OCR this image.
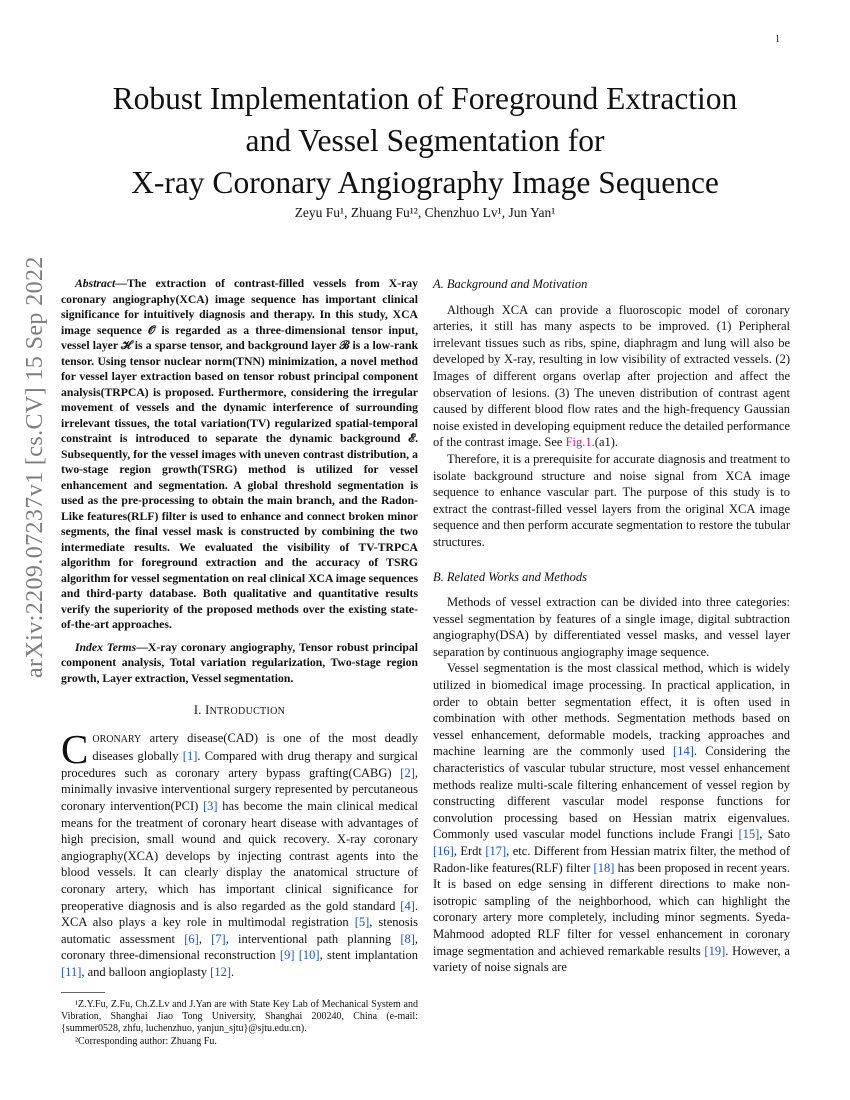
1
arXiv:2209.07237v1 [cs.CV] 15 Sep 2022
Robust Implementation of Foreground Extraction
and Vessel Segmentation for
X-ray Coronary Angiography Image Sequence
Zeyu Fu¹, Zhuang Fu¹², Chenzhuo Lv¹, Jun Yan¹

Abstract—The extraction of contrast-filled vessels from X-ray coronary angiography(XCA) image sequence has important clinical significance for intuitively diagnosis and therapy. In this study, XCA image sequence 𝒪 is regarded as a three-dimensional tensor input, vessel layer ℋ is a sparse tensor, and background layer ℬ is a low-rank tensor. Using tensor nuclear norm(TNN) minimization, a novel method for vessel layer extraction based on tensor robust principal component analysis(TRPCA) is proposed. Furthermore, considering the irregular movement of vessels and the dynamic interference of surrounding irrelevant tissues, the total variation(TV) regularized spatial-temporal constraint is introduced to separate the dynamic background ℰ. Subsequently, for the vessel images with uneven contrast distribution, a two-stage region growth(TSRG) method is utilized for vessel enhancement and segmentation. A global threshold segmentation is used as the pre-processing to obtain the main branch, and the Radon-Like features(RLF) filter is used to enhance and connect broken minor segments, the final vessel mask is constructed by combining the two intermediate results. We evaluated the visibility of TV-TRPCA algorithm for foreground extraction and the accuracy of TSRG algorithm for vessel segmentation on real clinical XCA image sequences and third-party database. Both qualitative and quantitative results verify the superiority of the proposed methods over the existing state-of-the-art approaches.

Index Terms—X-ray coronary angiography, Tensor robust principal component analysis, Total variation regularization, Two-stage region growth, Layer extraction, Vessel segmentation.

I. INTRODUCTION

CORONARY artery disease(CAD) is one of the most deadly diseases globally [1]. Compared with drug therapy and surgical procedures such as coronary artery bypass grafting(CABG) [2], minimally invasive interventional surgery represented by percutaneous coronary intervention(PCI) [3] has become the main clinical medical means for the treatment of coronary heart disease with advantages of high precision, small wound and quick recovery. X-ray coronary angiography(XCA) develops by injecting contrast agents into the blood vessels. It can clearly display the anatomical structure of coronary artery, which has important clinical significance for preoperative diagnosis and is also regarded as the gold standard [4]. XCA also plays a key role in multimodal registration [5], stenosis automatic assessment [6], [7], interventional path planning [8], coronary three-dimensional reconstruction [9] [10], stent implantation [11], and balloon angioplasty [12].

¹Z.Y.Fu, Z.Fu, Ch.Z.Lv and J.Yan are with State Key Lab of Mechanical System and Vibration, Shanghai Jiao Tong University, Shanghai 200240, China (e-mail: {summer0528, zhfu, luchenzhuo, yanjun_sjtu}@sjtu.edu.cn).

²Corresponding author: Zhuang Fu.

A. Background and Motivation

Although XCA can provide a fluoroscopic model of coronary arteries, it still has many aspects to be improved. (1) Peripheral irrelevant tissues such as ribs, spine, diaphragm and lung will also be developed by X-ray, resulting in low visibility of extracted vessels. (2) Images of different organs overlap after projection and affect the observation of lesions. (3) The uneven distribution of contrast agent caused by different blood flow rates and the high-frequency Gaussian noise existed in developing equipment reduce the detailed performance of the contrast image. See Fig.1.(a1).

Therefore, it is a prerequisite for accurate diagnosis and treatment to isolate background structure and noise signal from XCA image sequence to enhance vascular part. The purpose of this study is to extract the contrast-filled vessel layers from the original XCA image sequence and then perform accurate segmentation to restore the tubular structures.

B. Related Works and Methods

Methods of vessel extraction can be divided into three categories: vessel segmentation by features of a single image, digital subtraction angiography(DSA) by differentiated vessel masks, and vessel layer separation by continuous angiography image sequence.

Vessel segmentation is the most classical method, which is widely utilized in biomedical image processing. In practical application, in order to obtain better segmentation effect, it is often used in combination with other methods. Segmentation methods based on vessel enhancement, deformable models, tracking approaches and machine learning are the commonly used [14]. Considering the characteristics of vascular tubular structure, most vessel enhancement methods realize multi-scale filtering enhancement of vessel region by constructing different vascular model response functions for convolution processing based on Hessian matrix eigenvalues. Commonly used vascular model functions include Frangi [15], Sato [16], Erdt [17], etc. Different from Hessian matrix filter, the method of Radon-like features(RLF) filter [18] has been proposed in recent years. It is based on edge sensing in different directions to make non-isotropic sampling of the neighborhood, which can highlight the coronary artery more completely, including minor segments. Syeda-Mahmood adopted RLF filter for vessel enhancement in coronary image segmentation and achieved remarkable results [19]. However, a variety of noise signals are
